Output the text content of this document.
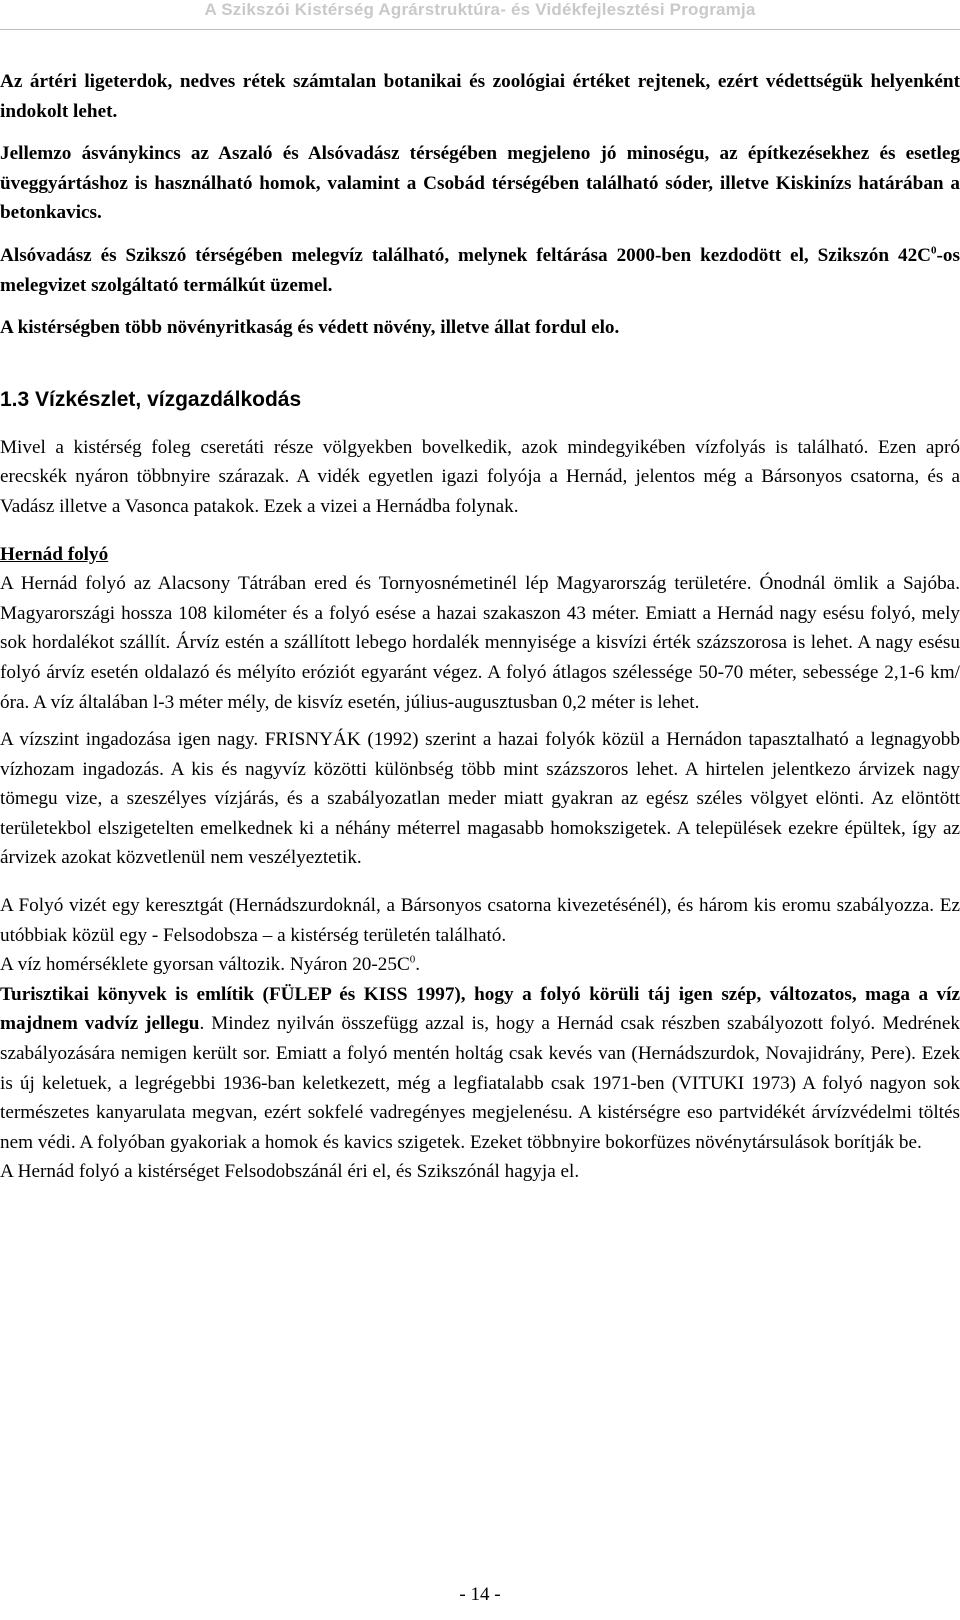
A Szikszói Kistérség Agrárstruktúra- és Vidékfejlesztési Programja

Az ártéri ligeterdok, nedves rétek számtalan botanikai és zoológiai értéket rejtenek, ezért védettségük helyenként indokolt lehet.

Jellemzo ásványkincs az Aszaló és Alsóvadász térségében megjeleno jó minoségu, az építkezésekhez és esetleg üveggyártáshoz is használható homok, valamint a Csobád térségében található sóder, illetve Kiskinízs határában a betonkavics.

Alsóvadász és Szikszó térségében melegvíz található, melynek feltárása 2000-ben kezdodött el, Szikszón $42C^0-os$ melegvizet szolgáltató termálkút üzemel.

A kistérségben több növényritkaság és védett növény, illetve állat fordul elo.

1.3 Vízkészlet, vízgazdálkodás

Mivel a kistérség foleg cseretáti része völgyekben bovelkedik, azok mindegyikében vízfolyás is található. Ezen apró erecskék nyáron többnyire szárazak. A vidék egyetlen igazi folyója a Hernád, jelentos még a Bársonyos csatorna, és a Vadász illetve a Vasonca patakok. Ezek a vizei a Hernádba folynak.

Hernád folyó

A Hernád folyó az Alacsony Tátrában ered és Tornyosnémetinél lép Magyarország területére. Ónodnál ömlik a Sajóba. Magyarországi hossza 108 kilométer és a folyó esése a hazai szakaszon 43 méter. Emiatt a Hernád nagy esésu folyó, mely sok hordalékot szállít. Árvíz estén a szállított lebego hordalék mennyisége a kisvízi érték százszorosa is lehet. A nagy esésu folyó árvíz esetén oldalazó és mélyíto eróziót egyaránt végez. A folyó átlagos szélessége 50-70 méter, sebessége 2,1-6 km/óra. A víz általában l-3 méter mély, de kisvíz esetén, július-augusztusban 0,2 méter is lehet.

A vízszint ingadozása igen nagy. FRISNYÁK (1992) szerint a hazai folyók közül a Hernádon tapasztalható a legnagyobb vízhozam ingadozás. A kis és nagyvíz közötti különbség több mint százszoros lehet. A hirtelen jelentkezo árvizek nagy tömegu vize, a szeszélyes vízjárás, és a szabályozatlan meder miatt gyakran az egész széles völgyet elönti. Az elöntött területekbol elszigetelten emelkednek ki a néhány méterrel magasabb homokszigetek. A települések ezekre épültek, így az árvizek azokat közvetlenül nem veszélyeztetik.

A Folyó vizét egy keresztgát (Hernádszurdoknál, a Bársonyos csatorna kivezetésénél), és három kis eromu szabályozza. Ez utóbbiak közül egy - Felsodobsza – a kistérség területén található.

A víz homérséklete gyorsan változik. Nyáron $20-25C^0$.

Turisztikai könyvek is említik (FÜLEP és KISS 1997), hogy a folyó körüli táj igen szép, változatos, maga a víz majdnem vadvíz jellegu. Mindez nyilván összefügg azzal is, hogy a Hernád csak részben szabályozott folyó. Medrének szabályozására nemigen került sor. Emiatt a folyó mentén holtág csak kevés van (Hernádszurdok, Novajidrány, Pere). Ezek is új keletuek, a legrégebbi 1936-ban keletkezett, még a legfiatalabb csak 1971-ben (VITUKI 1973) A folyó nagyon sok természetes kanyarulata megvan, ezért sokfelé vadregényes megjelenésu. A kistérségre eso partvidékét árvízvédelmi töltés nem védi. A folyóban gyakoriak a homok és kavics szigetek. Ezeket többnyire bokorfüzes növénytársulások borítják be.

A Hernád folyó a kistérséget Felsodobszánál éri el, és Szikszónál hagyja el.

- 14 -
